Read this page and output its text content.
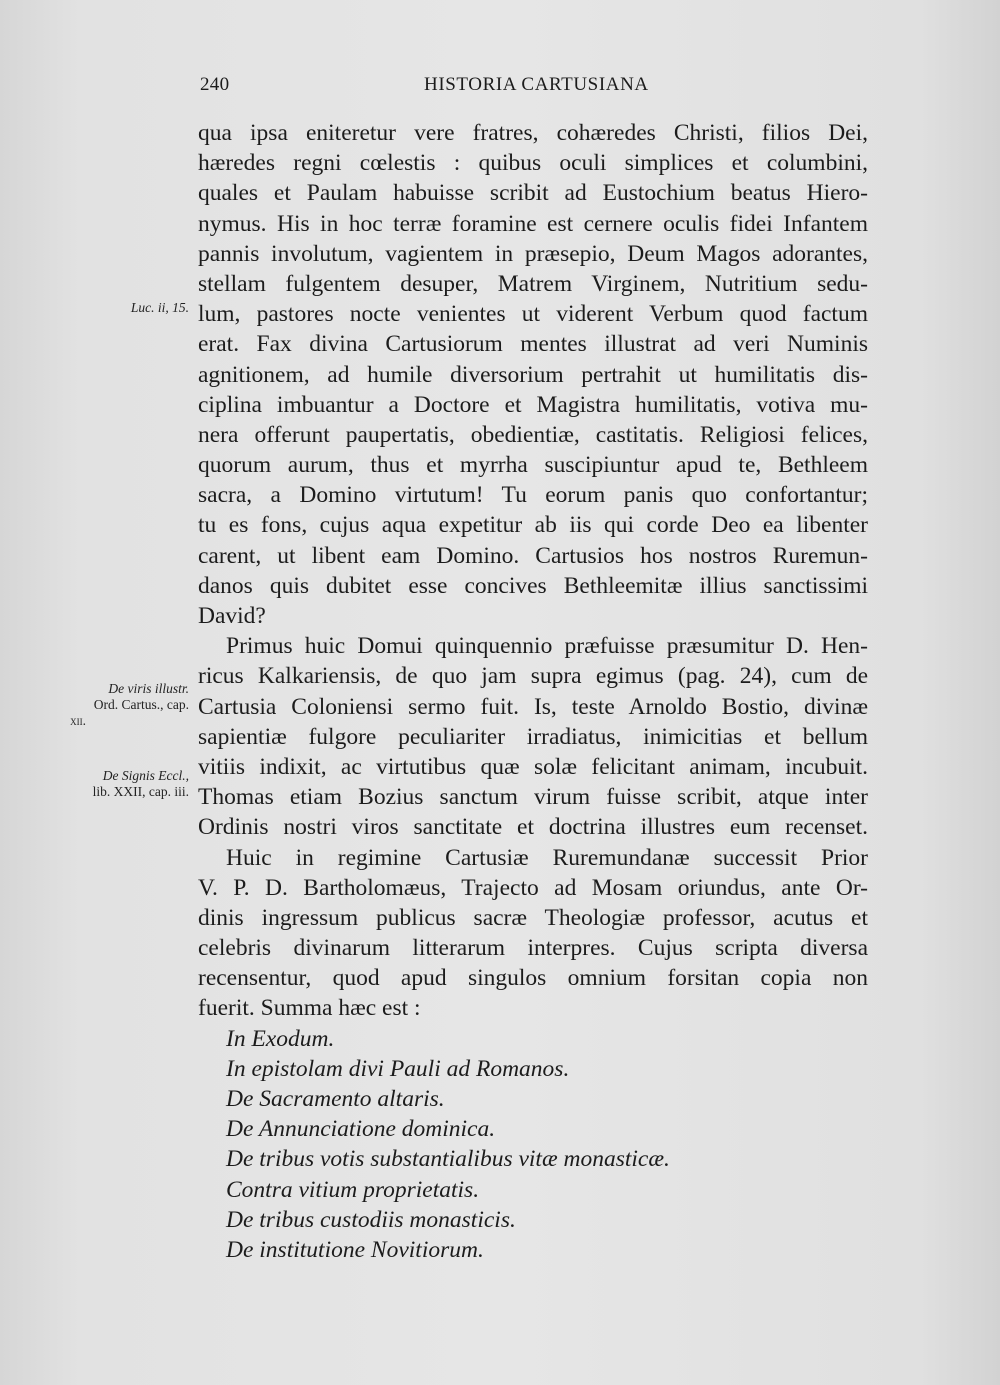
240	HISTORIA CARTUSIANA
Luc. ii, 15.
De viris illustr.
Ord. Cartus., cap.
xii.
De Signis Eccl.,
lib. XXII, cap. iii.
qua ipsa eniteretur vere fratres, cohæredes Christi, filios Dei,
hæredes regni cœlestis : quibus oculi simplices et columbini,
quales et Paulam habuisse scribit ad Eustochium beatus Hiero-
nymus. His in hoc terræ foramine est cernere oculis fidei Infantem
pannis involutum, vagientem in præsepio, Deum Magos adorantes,
stellam fulgentem desuper, Matrem Virginem, Nutritium sedu-
lum, pastores nocte venientes ut viderent Verbum quod factum
erat. Fax divina Cartusiorum mentes illustrat ad veri Numinis
agnitionem, ad humile diversorium pertrahit ut humilitatis dis-
ciplina imbuantur a Doctore et Magistra humilitatis, votiva mu-
nera offerunt paupertatis, obedientiæ, castitatis. Religiosi felices,
quorum aurum, thus et myrrha suscipiuntur apud te, Bethleem
sacra, a Domino virtutum! Tu eorum panis quo confortantur;
tu es fons, cujus aqua expetitur ab iis qui corde Deo ea libenter
carent, ut libent eam Domino. Cartusios hos nostros Ruremun-
danos quis dubitet esse concives Bethleemitæ illius sanctissimi
David?
Primus huic Domui quinquennio præfuisse præsumitur D. Hen-
ricus Kalkariensis, de quo jam supra egimus (pag. 24), cum de
Cartusia Coloniensi sermo fuit. Is, teste Arnoldo Bostio, divinæ
sapientiæ fulgore peculiariter irradiatus, inimicitias et bellum
vitiis indixit, ac virtutibus quæ solæ felicitant animam, incubuit.
Thomas etiam Bozius sanctum virum fuisse scribit, atque inter
Ordinis nostri viros sanctitate et doctrina illustres eum recenset.
Huic in regimine Cartusiæ Ruremundanæ successit Prior
V. P. D. Bartholomæus, Trajecto ad Mosam oriundus, ante Or-
dinis ingressum publicus sacræ Theologiæ professor, acutus et
celebris divinarum litterarum interpres. Cujus scripta diversa
recensentur, quod apud singulos omnium forsitan copia non
fuerit. Summa hæc est :
In Exodum.
In epistolam divi Pauli ad Romanos.
De Sacramento altaris.
De Annunciatione dominica.
De tribus votis substantialibus vitæ monasticæ.
Contra vitium proprietatis.
De tribus custodiis monasticis.
De institutione Novitiorum.
